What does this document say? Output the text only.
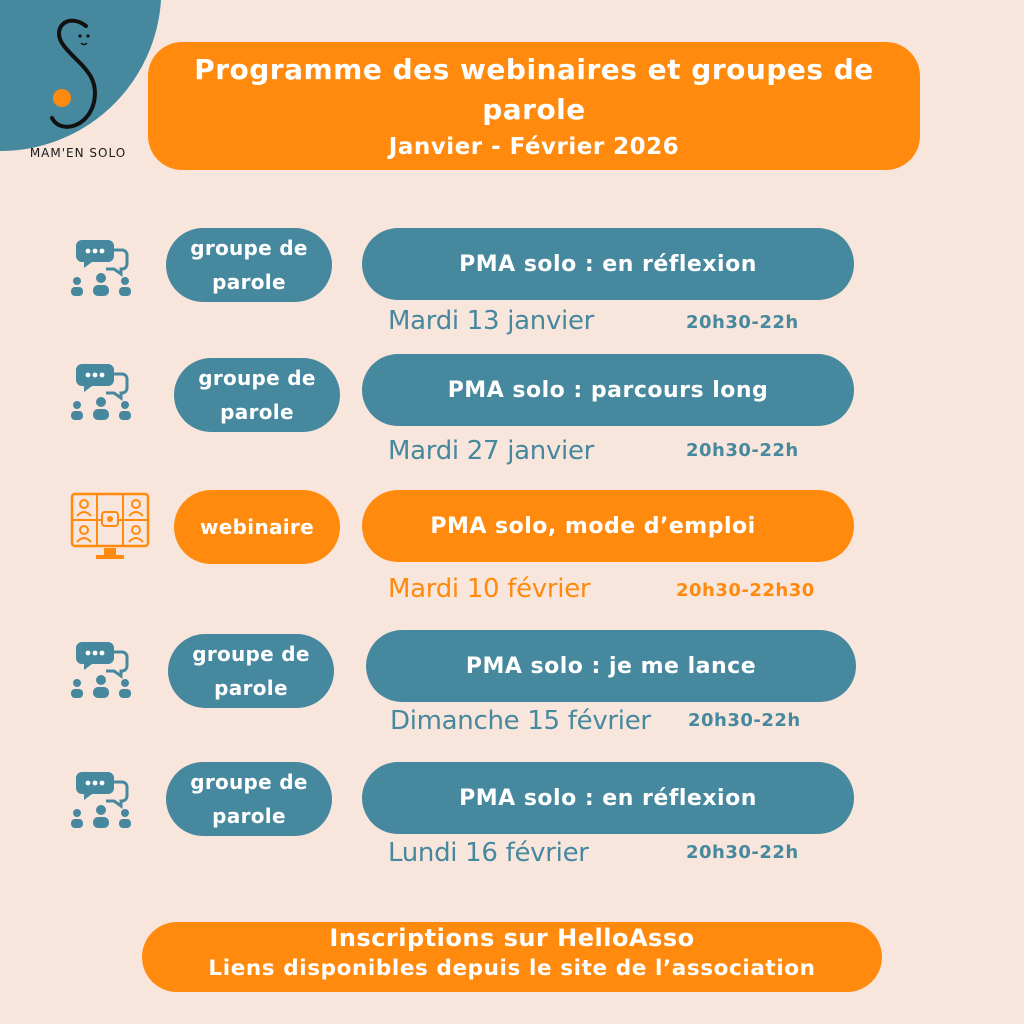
MAM'EN SOLO
Programme des webinaires et groupes de parole
Janvier - Février 2026
groupe de parole
PMA solo : en réflexion
Mardi 13 janvier	20h30-22h
groupe de parole
PMA solo : parcours long
Mardi 27 janvier	20h30-22h
webinaire	PMA solo, mode d’emploi
Mardi 10 février	20h30-22h30
groupe de parole
PMA solo : je me lance
Dimanche 15 février 20h30-22h
groupe de parole
PMA solo : en réflexion
Lundi 16 février	20h30-22h
Inscriptions sur HelloAsso
Liens disponibles depuis le site de l’association
